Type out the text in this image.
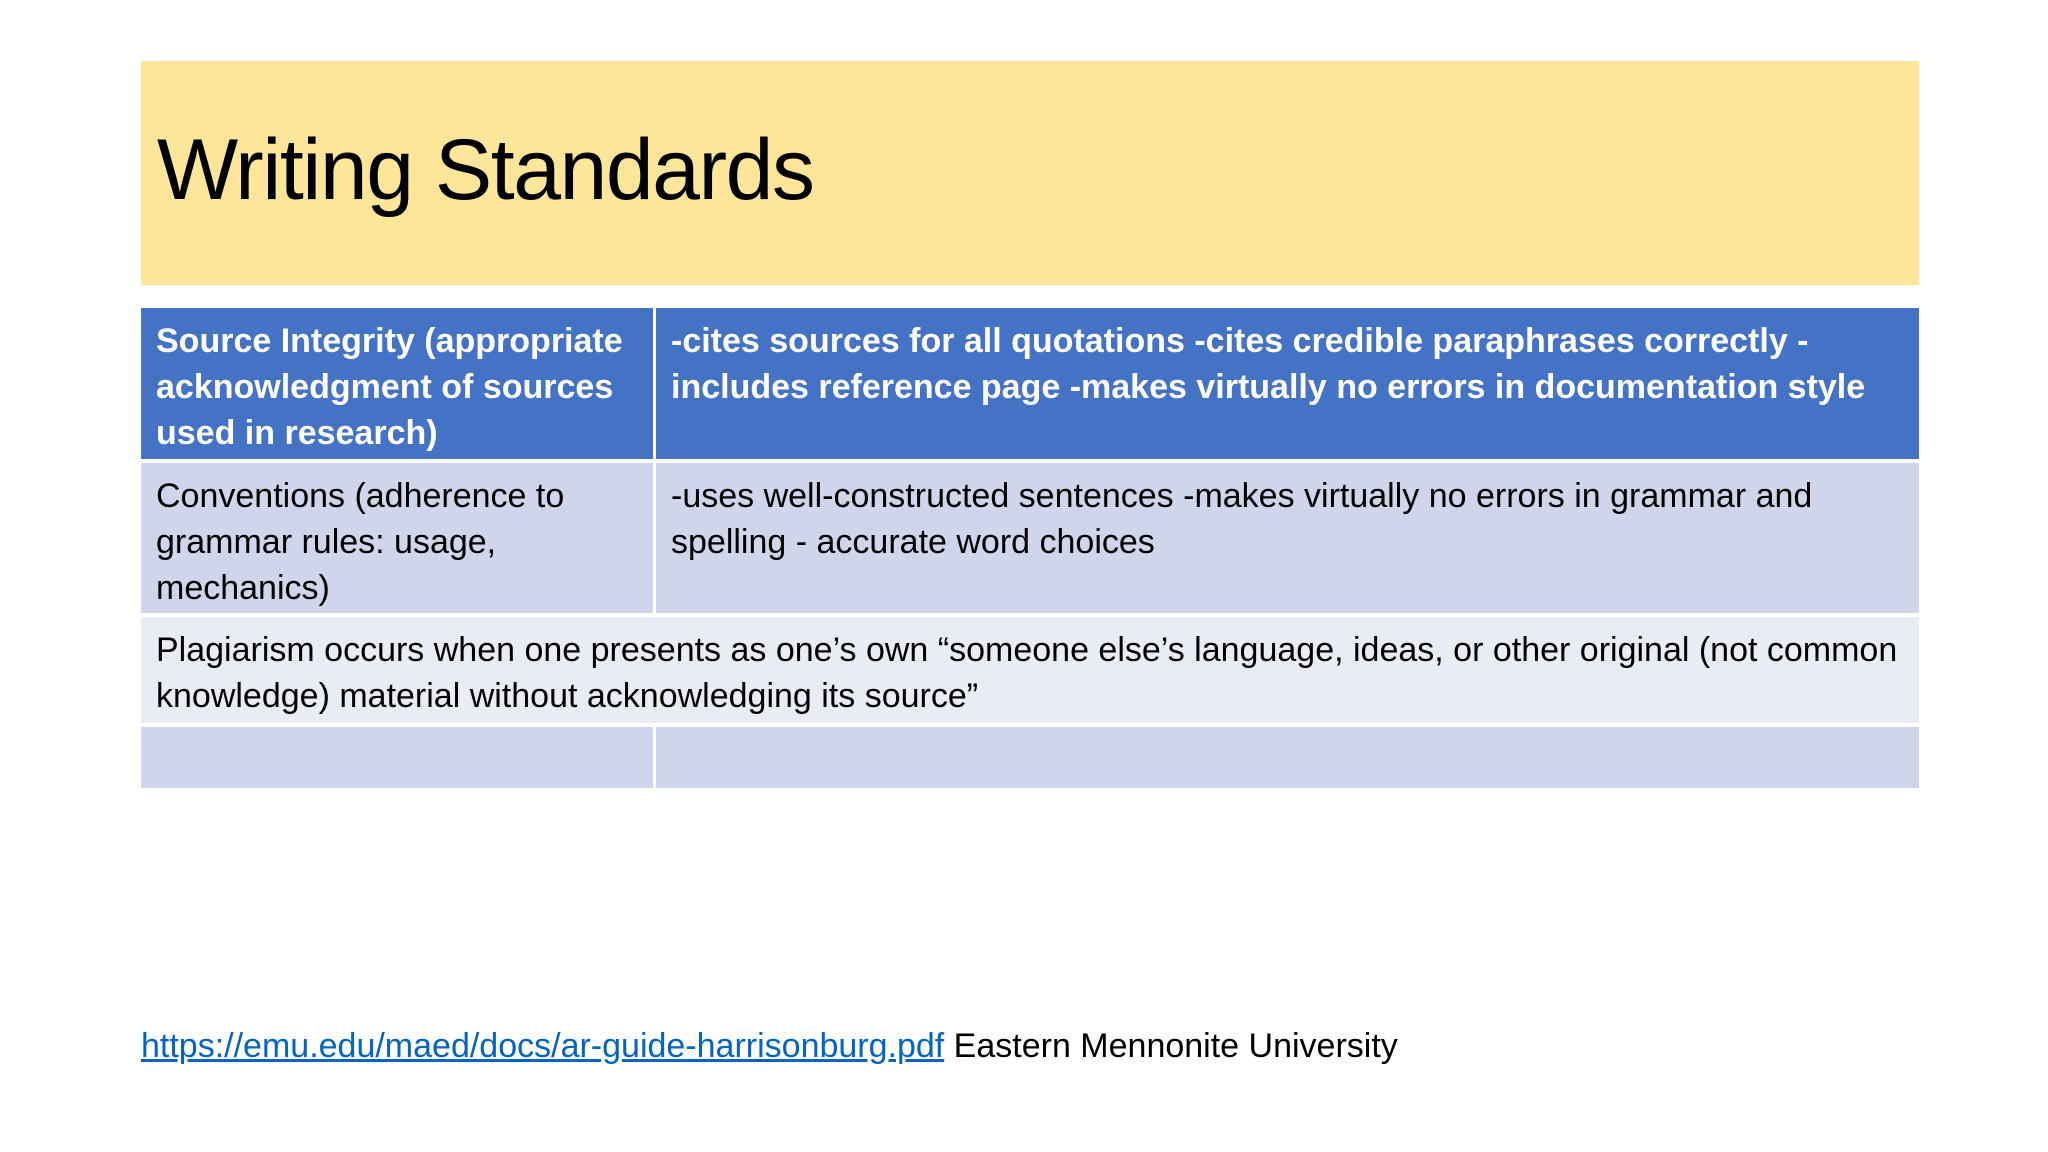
Writing Standards
Source Integrity (appropriate acknowledgment of sources used in research)
-cites sources for all quotations -cites credible paraphrases correctly -includes reference page -makes virtually no errors in documentation style
Conventions (adherence to grammar rules: usage, mechanics)
-uses well-constructed sentences -makes virtually no errors in grammar and spelling - accurate word choices
Plagiarism occurs when one presents as one’s own “someone else’s language, ideas, or other original (not common knowledge) material without acknowledging its source”
https://emu.edu/maed/docs/ar-guide-harrisonburg.pdf Eastern Mennonite University
